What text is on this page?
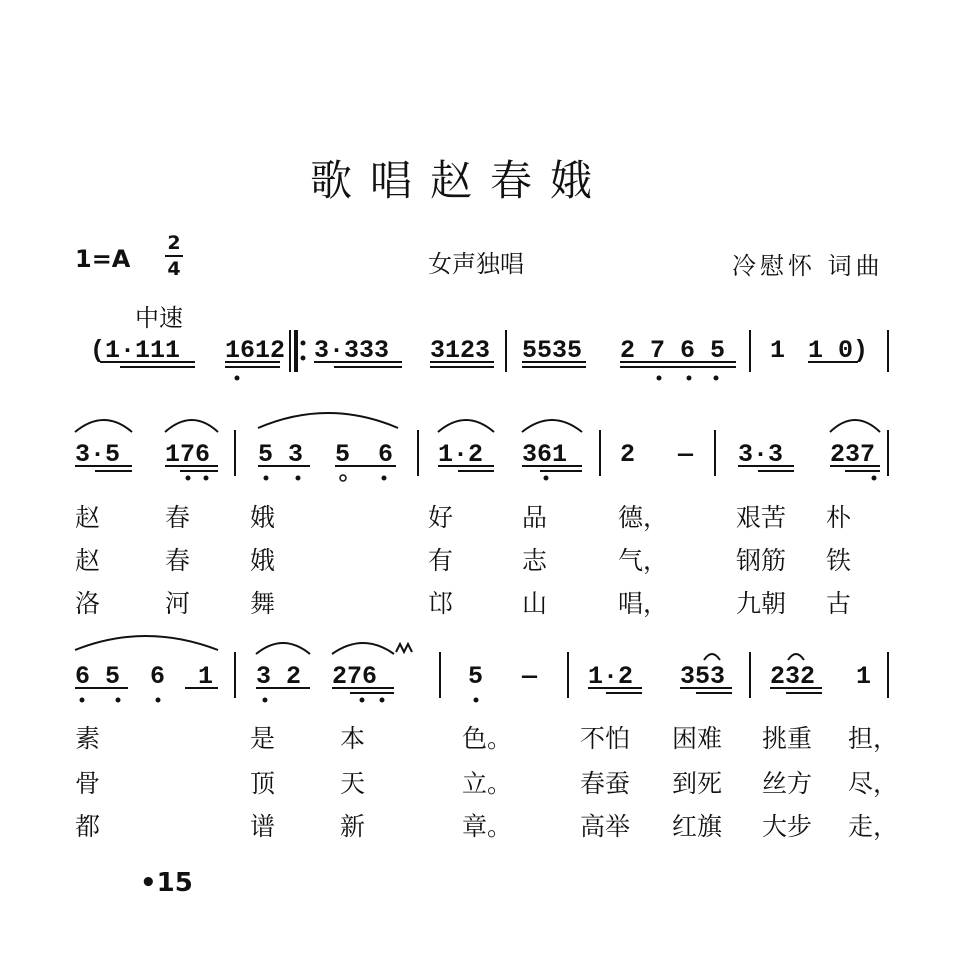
歌唱赵春娥
1=A
2
4	女声独唱	冷慰怀 词曲
中速
(1·111 1612 3·333 3123 5535 2 7 6 5 1 1 0)
3·5 176 5 3 5 6 1·2 361 2 — 3·3 237
赵	春 娥	好	品	德，	艰苦 朴
赵	春 娥	有	志	气，	钢筋 铁
洛	河 舞	邙	山	唱，	九朝 古
6 5 6 1 3 2 276	5 — 1·2 353 232 1
素	是	本	色。	不怕 困难 挑重 担，
骨	顶	天	立。	春蚕 到死 丝方 尽，
都	谱	新	章。	高举 红旗 大步 走，
•15
